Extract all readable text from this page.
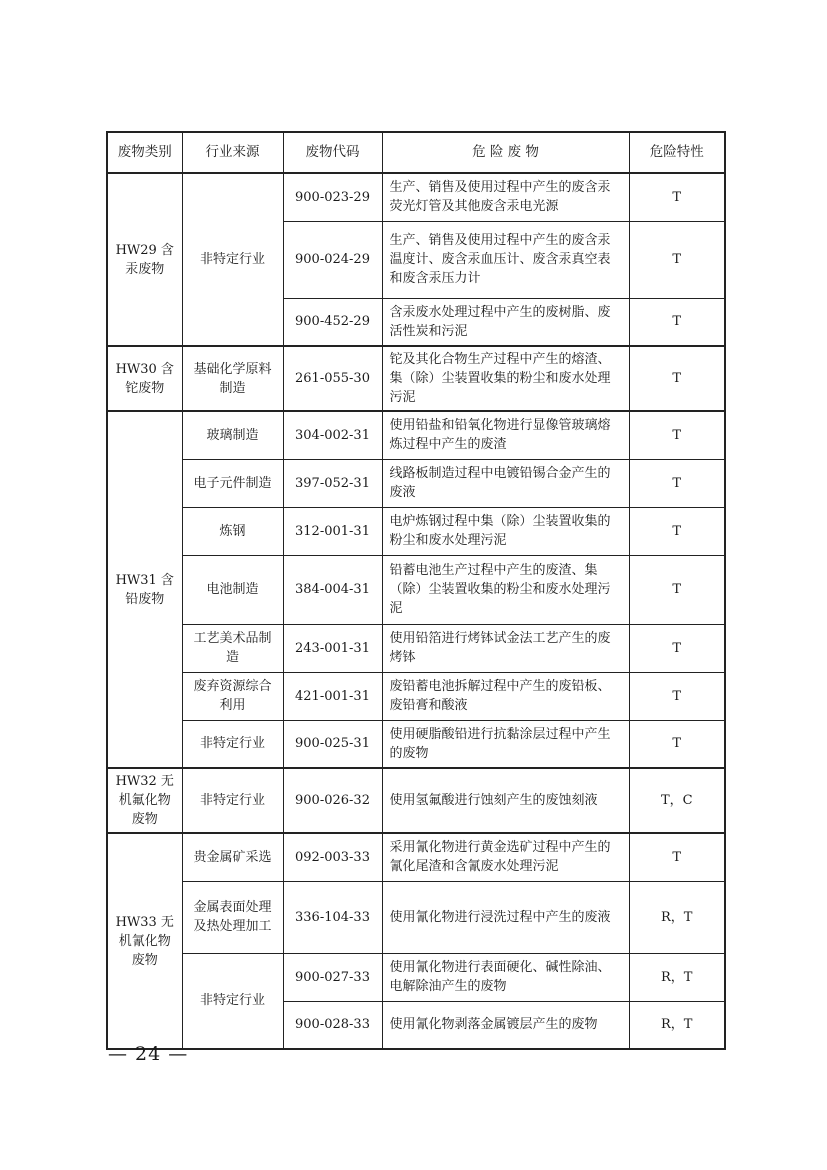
废物类别	行业来源	废物代码	危 险 废 物	危险特性
HW29 含汞废物	非特定行业	900-023-29	生产、销售及使用过程中产生的废含汞荧光灯管及其他废含汞电光源	T
		900-024-29	生产、销售及使用过程中产生的废含汞温度计、废含汞血压计、废含汞真空表和废含汞压力计	T
		900-452-29	含汞废水处理过程中产生的废树脂、废活性炭和污泥	T
HW30 含铊废物	基础化学原料制造	261-055-30	铊及其化合物生产过程中产生的熔渣、集（除）尘装置收集的粉尘和废水处理污泥	T
HW31 含铅废物	玻璃制造	304-002-31	使用铅盐和铅氧化物进行显像管玻璃熔炼过程中产生的废渣	T
	电子元件制造	397-052-31	线路板制造过程中电镀铅锡合金产生的废液	T
	炼钢	312-001-31	电炉炼钢过程中集（除）尘装置收集的粉尘和废水处理污泥	T
	电池制造	384-004-31	铅蓄电池生产过程中产生的废渣、集（除）尘装置收集的粉尘和废水处理污泥	T
	工艺美术品制造	243-001-31	使用铅箔进行烤钵试金法工艺产生的废烤钵	T
	废弃资源综合利用	421-001-31	废铅蓄电池拆解过程中产生的废铅板、废铅膏和酸液	T
	非特定行业	900-025-31	使用硬脂酸铅进行抗黏涂层过程中产生的废物	T
HW32 无机氟化物废物	非特定行业	900-026-32	使用氢氟酸进行蚀刻产生的废蚀刻液	T，C
HW33 无机氰化物废物	贵金属矿采选	092-003-33	采用氰化物进行黄金选矿过程中产生的氰化尾渣和含氰废水处理污泥	T
	金属表面处理及热处理加工	336-104-33	使用氰化物进行浸洗过程中产生的废液	R，T
	非特定行业	900-027-33	使用氰化物进行表面硬化、碱性除油、电解除油产生的废物	R，T
		900-028-33	使用氰化物剥落金属镀层产生的废物	R，T
— 24 —
